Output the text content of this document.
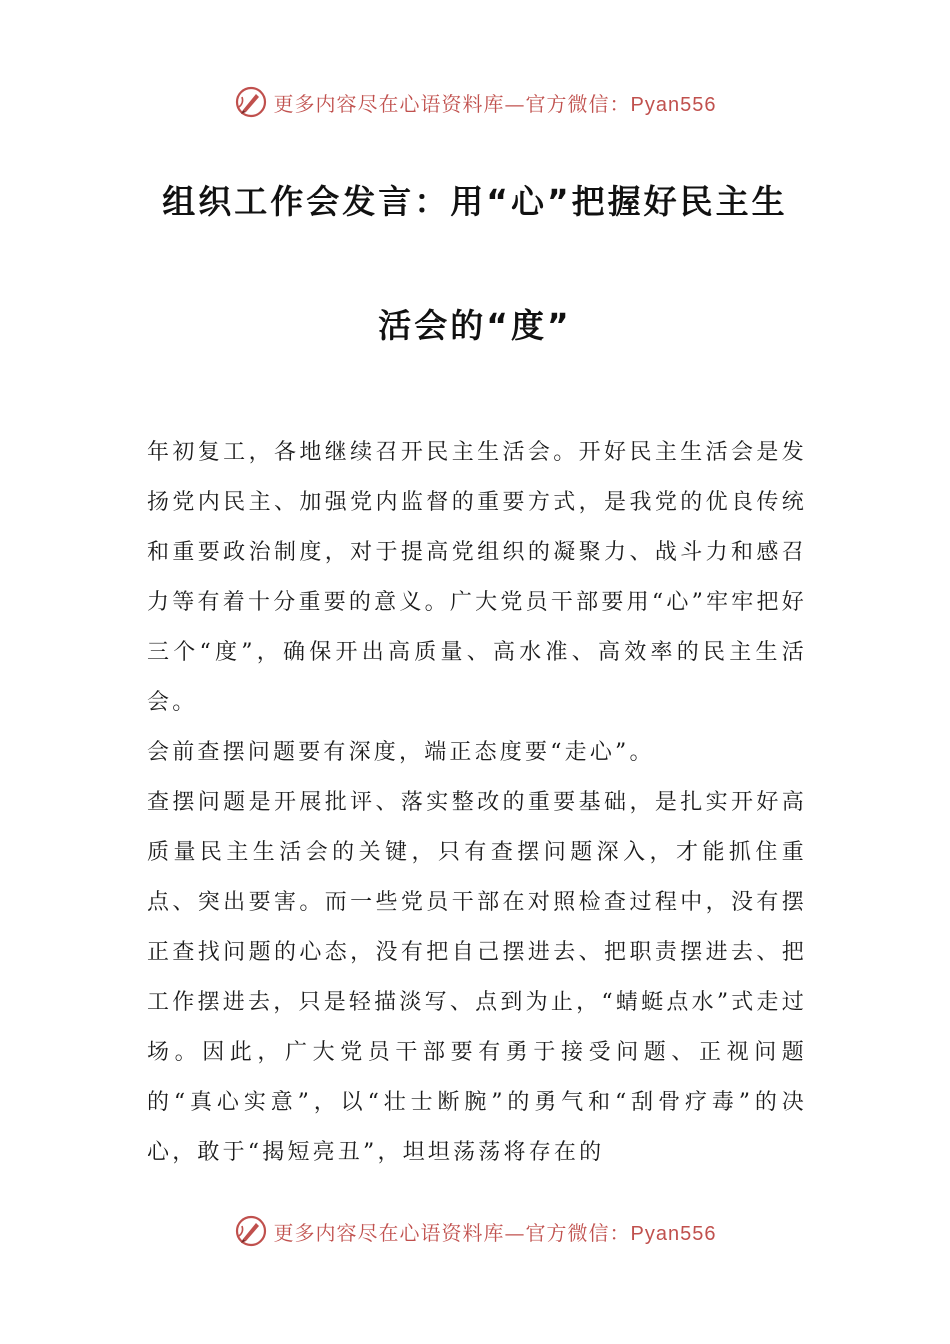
更多内容尽在心语资料库—官方微信：Pyan556
组织工作会发言：用“心”把握好民主生
活会的“度”

年初复工，各地继续召开民主生活会。开好民主生活会是发扬党内民主、加强党内监督的重要方式，是我党的优良传统和重要政治制度，对于提高党组织的凝聚力、战斗力和感召力等有着十分重要的意义。广大党员干部要用“心”牢牢把好三个“度”，确保开出高质量、高水准、高效率的民主生活会。

会前查摆问题要有深度，端正态度要“走心”。

查摆问题是开展批评、落实整改的重要基础，是扎实开好高质量民主生活会的关键，只有查摆问题深入，才能抓住重点、突出要害。而一些党员干部在对照检查过程中，没有摆正查找问题的心态，没有把自己摆进去、把职责摆进去、把工作摆进去，只是轻描淡写、点到为止，“蜻蜓点水”式走过场。因此，广大党员干部要有勇于接受问题、正视问题的“真心实意”，以“壮士断腕”的勇气和“刮骨疗毒”的决心，敢于“揭短亮丑”，坦坦荡荡将存在的

更多内容尽在心语资料库—官方微信：Pyan556
